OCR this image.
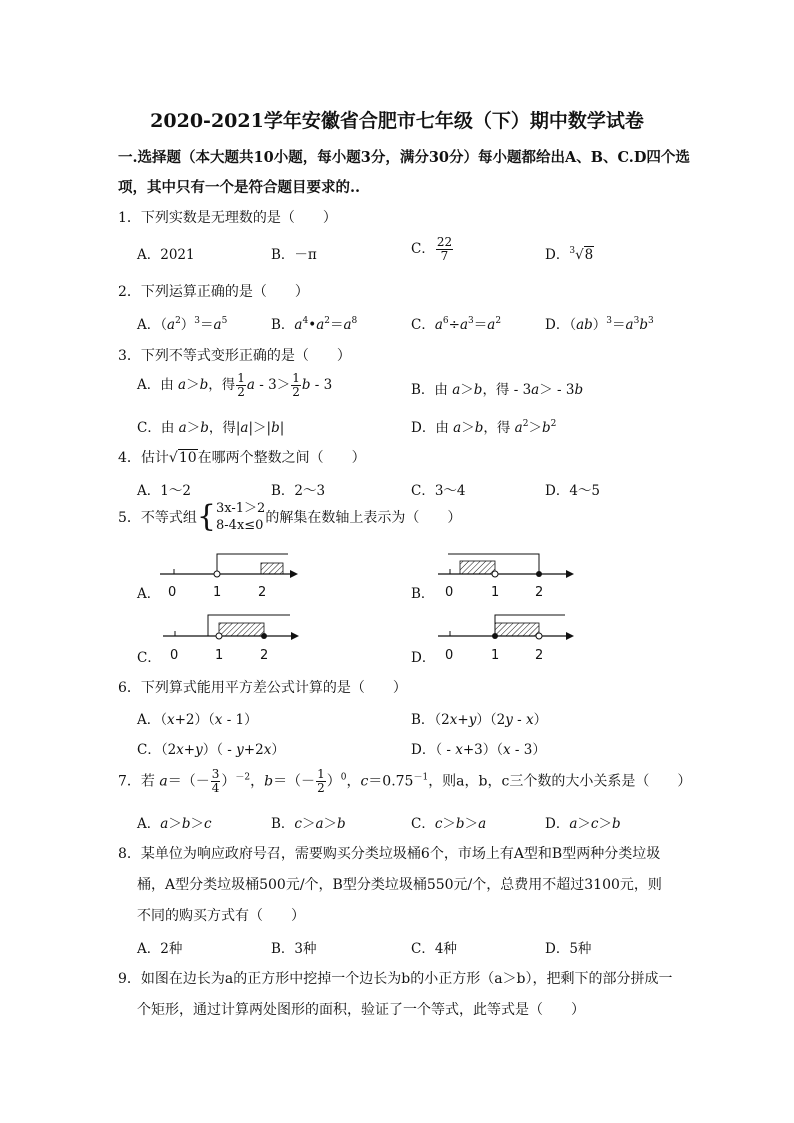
2020-2021学年安徽省合肥市七年级（下）期中数学试卷
一.选择题（本大题共10小题，每小题3分，满分30分）每小题都给出A、B、C.D四个选
项，其中只有一个是符合题目要求的..
1．下列实数是无理数的是（　　）
A．2021	B．－π	C． $\frac{22}{7}$	D．$^3$√8
2．下列运算正确的是（　　）
A．$(a^2)^3=a^5$	B．$a^4•a^2=a^8$	C．$a^6\div a^3=a^2$	D．$(ab)^3=a^3b^3$
3．下列不等式变形正确的是（　　）
A．由 a＞b，得 $\frac{1}{2}$ $a - 3> \frac{1}{2}$ b - 3	B．由 a＞b，得 - 3a＞ - 3b
C．由 a＞b，得|a|＞|b|	D．由 a＞b，得 $a^2>b^2$
4．估计√10在哪两个整数之间（　　）
A．1～2	B．2～3	C．3～4	D．4～5
5．不等式组{ 3x-1＞2
8-4x≤0 的解集在数轴上表示为（　　）
A． 0	1	2	B． 0	1	2
C． 0	1	2	D． 0	1	2
6．下列算式能用平方差公式计算的是（　　）
A．（x+2）（x - 1）	B．（2x+y）（2y - x）
C．（2x+y）（ - y+2x）	D．（ - x+3）（x - 3）
7．若 $a=(- \frac{3}{4} )^{-2}$，$b=(- \frac{1}{2} )^0$，$c=0.75^{-1}$，则a，b，c三个数的大小关系是（　　）
A．a＞b＞c	B．c＞a＞b	C．c＞b＞a	D．a＞c＞b
8．某单位为响应政府号召，需要购买分类垃圾桶6个，市场上有A型和B型两种分类垃圾
桶，A型分类垃圾桶500元/个，B型分类垃圾桶550元/个，总费用不超过3100元，则
不同的购买方式有（　　）
A．2种	B．3种	C．4种	D．5种
9．如图在边长为a的正方形中挖掉一个边长为b的小正方形（a＞b），把剩下的部分拼成一
个矩形，通过计算两处图形的面积，验证了一个等式，此等式是（　　）
